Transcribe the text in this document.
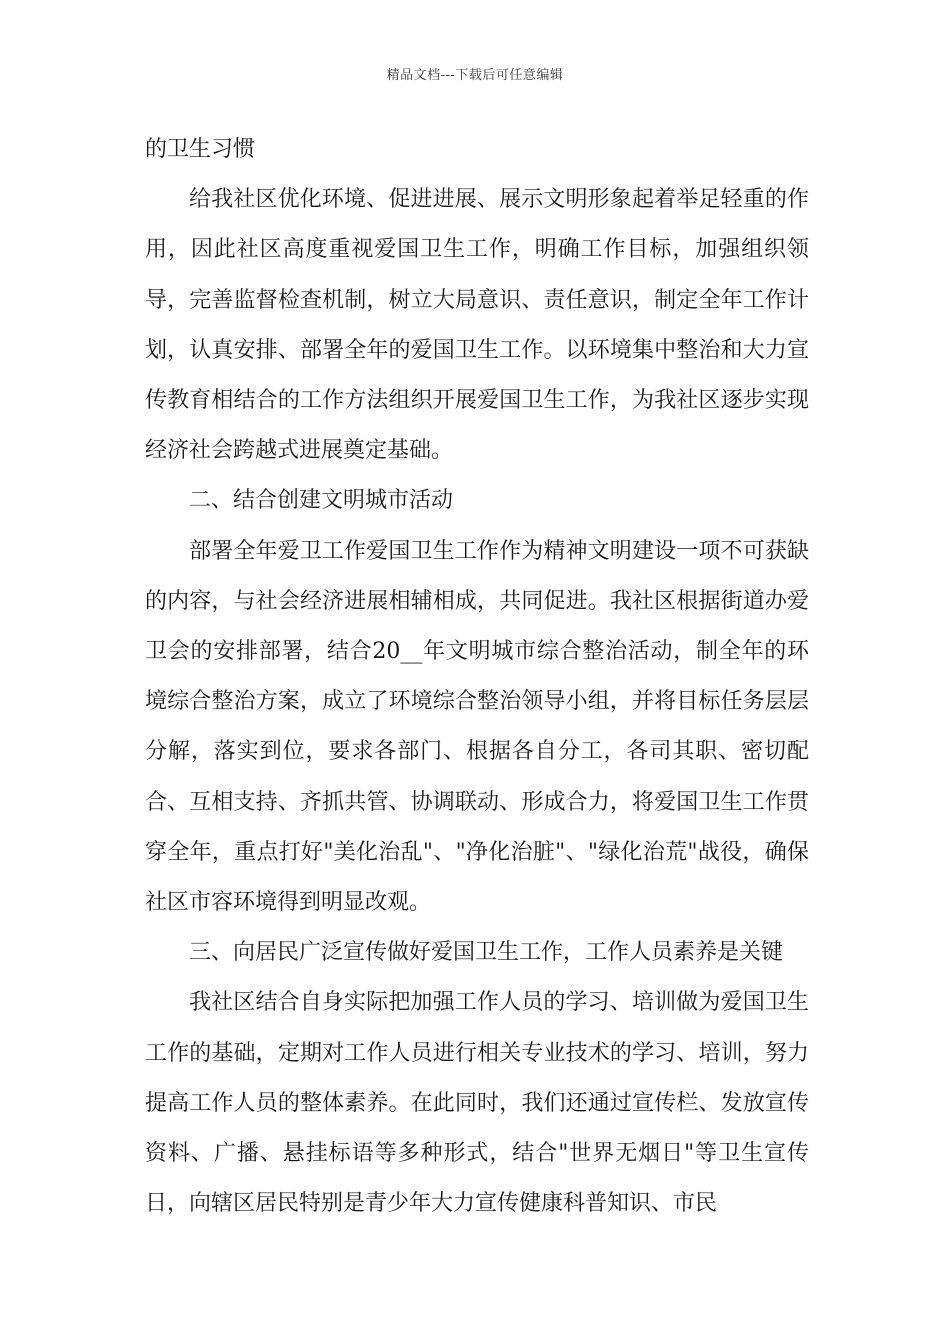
精品文档---下载后可任意编辑

的卫生习惯

给我社区优化环境、促进进展、展示文明形象起着举足轻重的作用，因此社区高度重视爱国卫生工作，明确工作目标，加强组织领导，完善监督检查机制，树立大局意识、责任意识，制定全年工作计划，认真安排、部署全年的爱国卫生工作。以环境集中整治和大力宣传教育相结合的工作方法组织开展爱国卫生工作，为我社区逐步实现经济社会跨越式进展奠定基础。

二、结合创建文明城市活动

部署全年爱卫工作爱国卫生工作作为精神文明建设一项不可获缺的内容，与社会经济进展相辅相成，共同促进。我社区根据街道办爱卫会的安排部署，结合20__年文明城市综合整治活动，制全年的环境综合整治方案，成立了环境综合整治领导小组，并将目标任务层层分解，落实到位，要求各部门、根据各自分工，各司其职、密切配合、互相支持、齐抓共管、协调联动、形成合力，将爱国卫生工作贯穿全年，重点打好"美化治乱"、"净化治脏"、"绿化治荒"战役，确保社区市容环境得到明显改观。

三、向居民广泛宣传做好爱国卫生工作，工作人员素养是关键

我社区结合自身实际把加强工作人员的学习、培训做为爱国卫生工作的基础，定期对工作人员进行相关专业技术的学习、培训，努力提高工作人员的整体素养。在此同时，我们还通过宣传栏、发放宣传资料、广播、悬挂标语等多种形式，结合"世界无烟日"等卫生宣传日，向辖区居民特别是青少年大力宣传健康科普知识、市民
